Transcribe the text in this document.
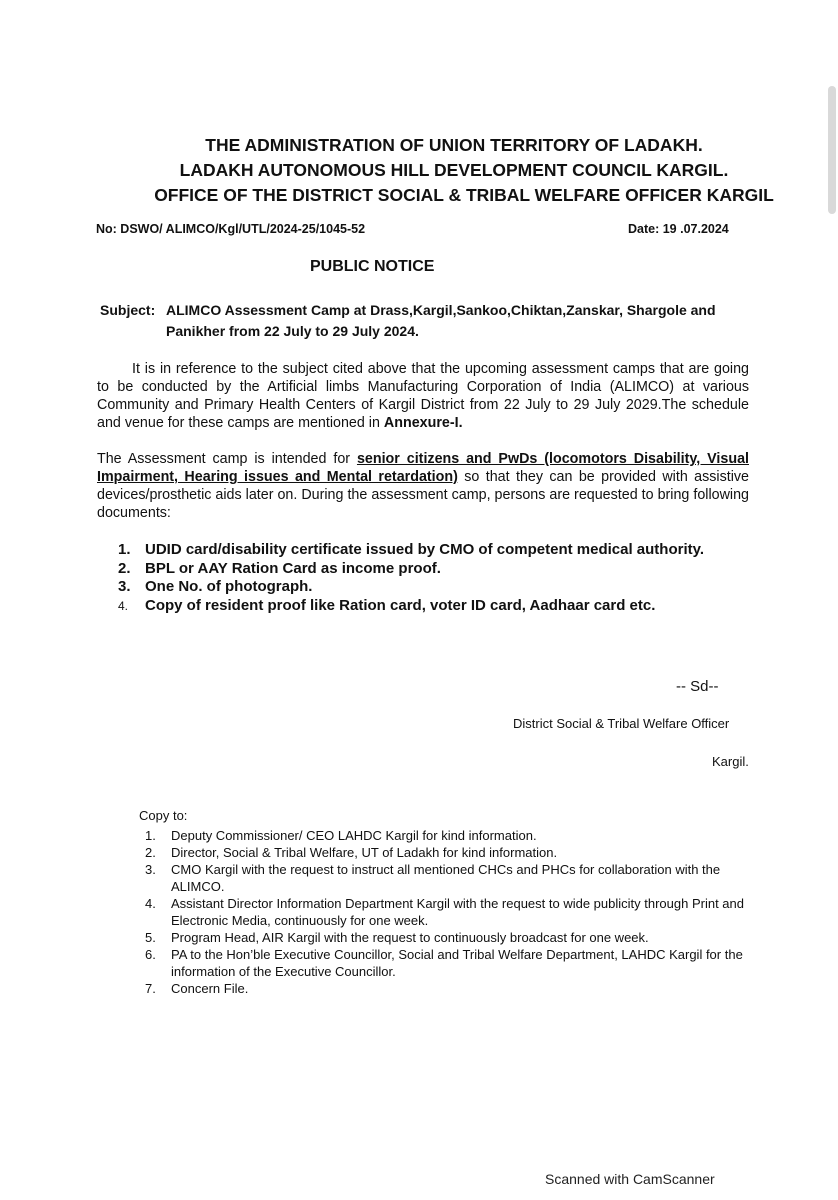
THE ADMINISTRATION OF UNION TERRITORY OF LADAKH.
LADAKH AUTONOMOUS HILL DEVELOPMENT COUNCIL KARGIL.
OFFICE OF THE DISTRICT SOCIAL & TRIBAL WELFARE OFFICER KARGIL
No: DSWO/ ALIMCO/Kgl/UTL/2024-25/1045-52	Date: 19 .07.2024
PUBLIC NOTICE
Subject: ALIMCO Assessment Camp at Drass,Kargil,Sankoo,Chiktan,Zanskar, Shargole and
Panikher from 22 July to 29 July 2024.
It is in reference to the subject cited above that the upcoming assessment camps that are going to be conducted by the Artificial limbs Manufacturing Corporation of India (ALIMCO) at various Community and Primary Health Centers of Kargil District from 22 July to 29 July 2029.The schedule and venue for these camps are mentioned in Annexure-I.
The Assessment camp is intended for senior citizens and PwDs (locomotors Disability, Visual Impairment, Hearing issues and Mental retardation) so that they can be provided with assistive devices/prosthetic aids later on. During the assessment camp, persons are requested to bring following documents:
1. UDID card/disability certificate issued by CMO of competent medical authority.
2. BPL or AAY Ration Card as income proof.
3. One No. of photograph.
4.	Copy of resident proof like Ration card, voter ID card, Aadhaar card etc.
-- Sd--
District Social & Tribal Welfare Officer
Kargil.
Copy to:
1.	Deputy Commissioner/ CEO LAHDC Kargil for kind information.
2.	Director, Social & Tribal Welfare, UT of Ladakh for kind information.
3.	CMO Kargil with the request to instruct all mentioned CHCs and PHCs for collaboration with the ALIMCO.
4.	Assistant Director Information Department Kargil with the request to wide publicity through Print and Electronic Media, continuously for one week.
5.	Program Head, AIR Kargil with the request to continuously broadcast for one week.
6.	PA to the Hon’ble Executive Councillor, Social and Tribal Welfare Department, LAHDC Kargil for the information of the Executive Councillor.
7.	Concern File.
Scanned with CamScanner
